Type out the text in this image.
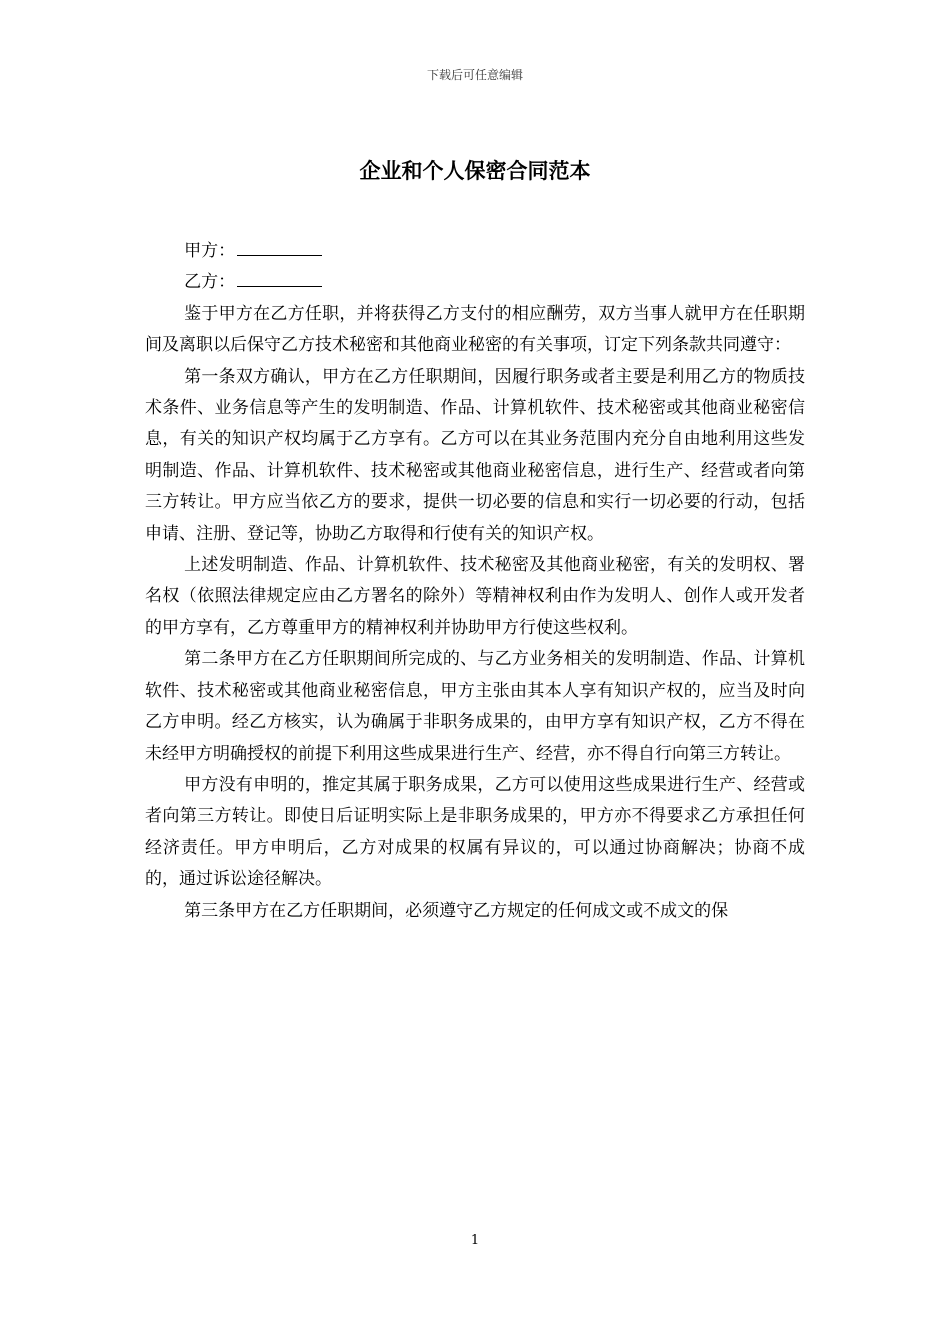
下载后可任意编辑
企业和个人保密合同范本
甲方：
乙方：

鉴于甲方在乙方任职，并将获得乙方支付的相应酬劳，双方当事人就甲方在任职期间及离职以后保守乙方技术秘密和其他商业秘密的有关事项，订定下列条款共同遵守：

第一条双方确认，甲方在乙方任职期间，因履行职务或者主要是利用乙方的物质技术条件、业务信息等产生的发明制造、作品、计算机软件、技术秘密或其他商业秘密信息，有关的知识产权均属于乙方享有。乙方可以在其业务范围内充分自由地利用这些发明制造、作品、计算机软件、技术秘密或其他商业秘密信息，进行生产、经营或者向第三方转让。甲方应当依乙方的要求，提供一切必要的信息和实行一切必要的行动，包括申请、注册、登记等，协助乙方取得和行使有关的知识产权。

上述发明制造、作品、计算机软件、技术秘密及其他商业秘密，有关的发明权、署名权（依照法律规定应由乙方署名的除外）等精神权利由作为发明人、创作人或开发者的甲方享有，乙方尊重甲方的精神权利并协助甲方行使这些权利。

第二条甲方在乙方任职期间所完成的、与乙方业务相关的发明制造、作品、计算机软件、技术秘密或其他商业秘密信息，甲方主张由其本人享有知识产权的，应当及时向乙方申明。经乙方核实，认为确属于非职务成果的，由甲方享有知识产权，乙方不得在未经甲方明确授权的前提下利用这些成果进行生产、经营，亦不得自行向第三方转让。

甲方没有申明的，推定其属于职务成果，乙方可以使用这些成果进行生产、经营或者向第三方转让。即使日后证明实际上是非职务成果的，甲方亦不得要求乙方承担任何经济责任。甲方申明后，乙方对成果的权属有异议的，可以通过协商解决；协商不成的，通过诉讼途径解决。

第三条甲方在乙方任职期间，必须遵守乙方规定的任何成文或不成文的保

1
